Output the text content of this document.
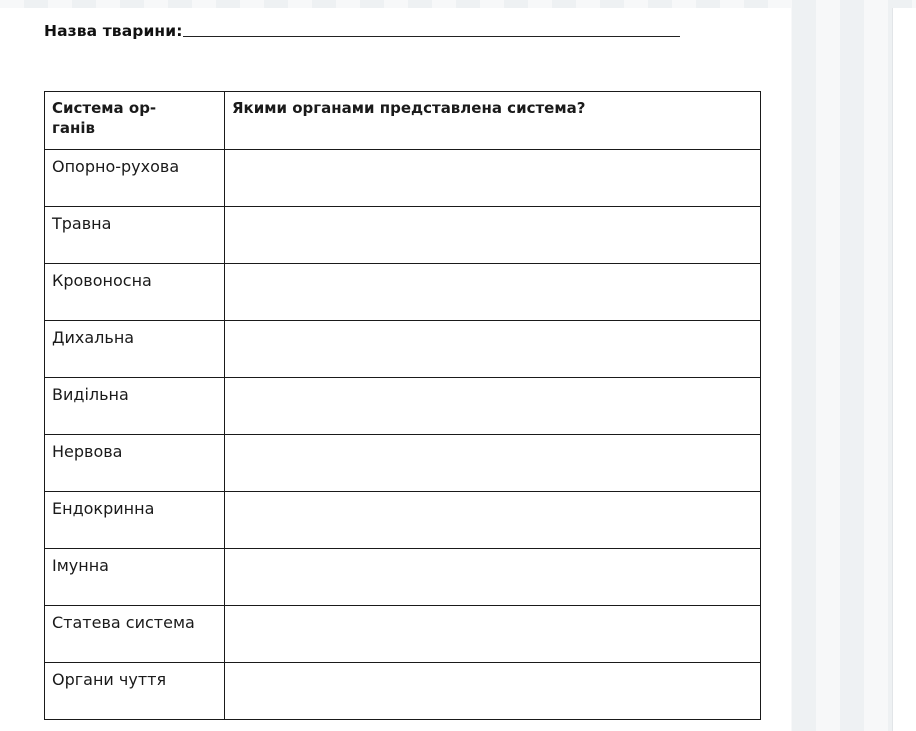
Назва тварини :
Система ор-
ганів	Якими органами представлена система?
Опорно-рухова	
Травна	
Кровоносна	
Дихальна	
Видільна	
Нервова	
Ендокринна	
Імунна	
Статева система	
Органи чуття	
